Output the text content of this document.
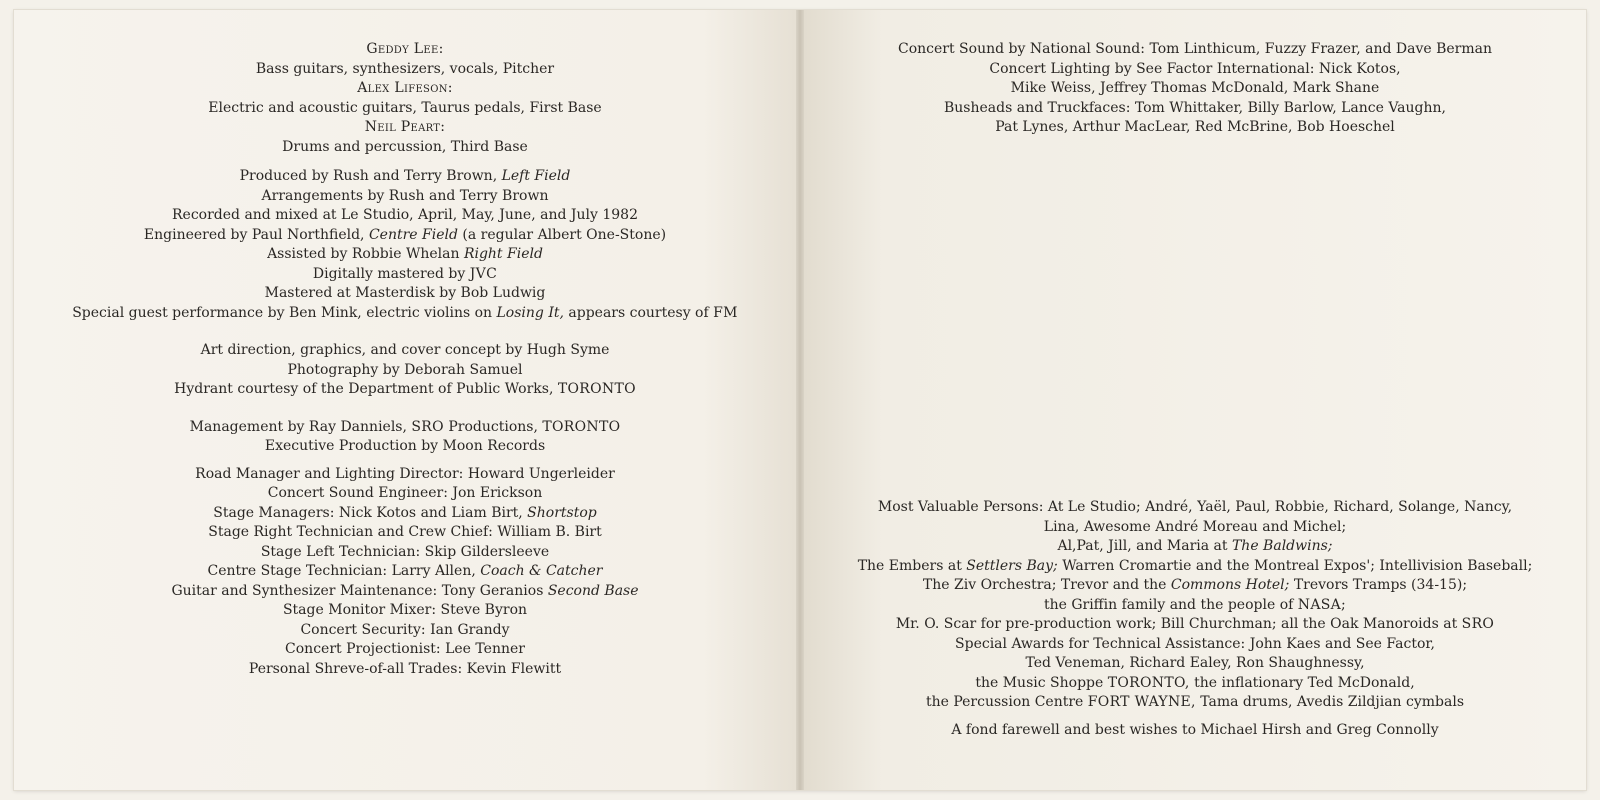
Geddy Lee:
Bass guitars, synthesizers, vocals, Pitcher
Alex Lifeson:
Electric and acoustic guitars, Taurus pedals, First Base
Neil Peart:
Drums and percussion, Third Base
Produced by Rush and Terry Brown, Left Field
Arrangements by Rush and Terry Brown
Recorded and mixed at Le Studio, April, May, June, and July 1982
Engineered by Paul Northfield, Centre Field (a regular Albert One-Stone)
Assisted by Robbie Whelan Right Field
Digitally mastered by JVC
Mastered at Masterdisk by Bob Ludwig
Special guest performance by Ben Mink, electric violins on Losing It, appears courtesy of FM
Art direction, graphics, and cover concept by Hugh Syme
Photography by Deborah Samuel
Hydrant courtesy of the Department of Public Works, TORONTO
Management by Ray Danniels, SRO Productions, TORONTO
Executive Production by Moon Records
Road Manager and Lighting Director: Howard Ungerleider
Concert Sound Engineer: Jon Erickson
Stage Managers: Nick Kotos and Liam Birt, Shortstop
Stage Right Technician and Crew Chief: William B. Birt
Stage Left Technician: Skip Gildersleeve
Centre Stage Technician: Larry Allen, Coach & Catcher
Guitar and Synthesizer Maintenance: Tony Geranios Second Base
Stage Monitor Mixer: Steve Byron
Concert Security: Ian Grandy
Concert Projectionist: Lee Tenner
Personal Shreve-of-all Trades: Kevin Flewitt
Concert Sound by National Sound: Tom Linthicum, Fuzzy Frazer, and Dave Berman
Concert Lighting by See Factor International: Nick Kotos,
Mike Weiss, Jeffrey Thomas McDonald, Mark Shane
Busheads and Truckfaces: Tom Whittaker, Billy Barlow, Lance Vaughn,
Pat Lynes, Arthur MacLear, Red McBrine, Bob Hoeschel
Most Valuable Persons: At Le Studio; André, Yaël, Paul, Robbie, Richard, Solange, Nancy,
Lina, Awesome André Moreau and Michel;
Al,Pat, Jill, and Maria at The Baldwins;
The Embers at Settlers Bay; Warren Cromartie and the Montreal Expos'; Intellivision Baseball;
The Ziv Orchestra; Trevor and the Commons Hotel; Trevors Tramps (34-15);
the Griffin family and the people of NASA;
Mr. O. Scar for pre-production work; Bill Churchman; all the Oak Manoroids at SRO
Special Awards for Technical Assistance: John Kaes and See Factor,
Ted Veneman, Richard Ealey, Ron Shaughnessy,
the Music Shoppe TORONTO, the inflationary Ted McDonald,
the Percussion Centre FORT WAYNE, Tama drums, Avedis Zildjian cymbals
A fond farewell and best wishes to Michael Hirsh and Greg Connolly
